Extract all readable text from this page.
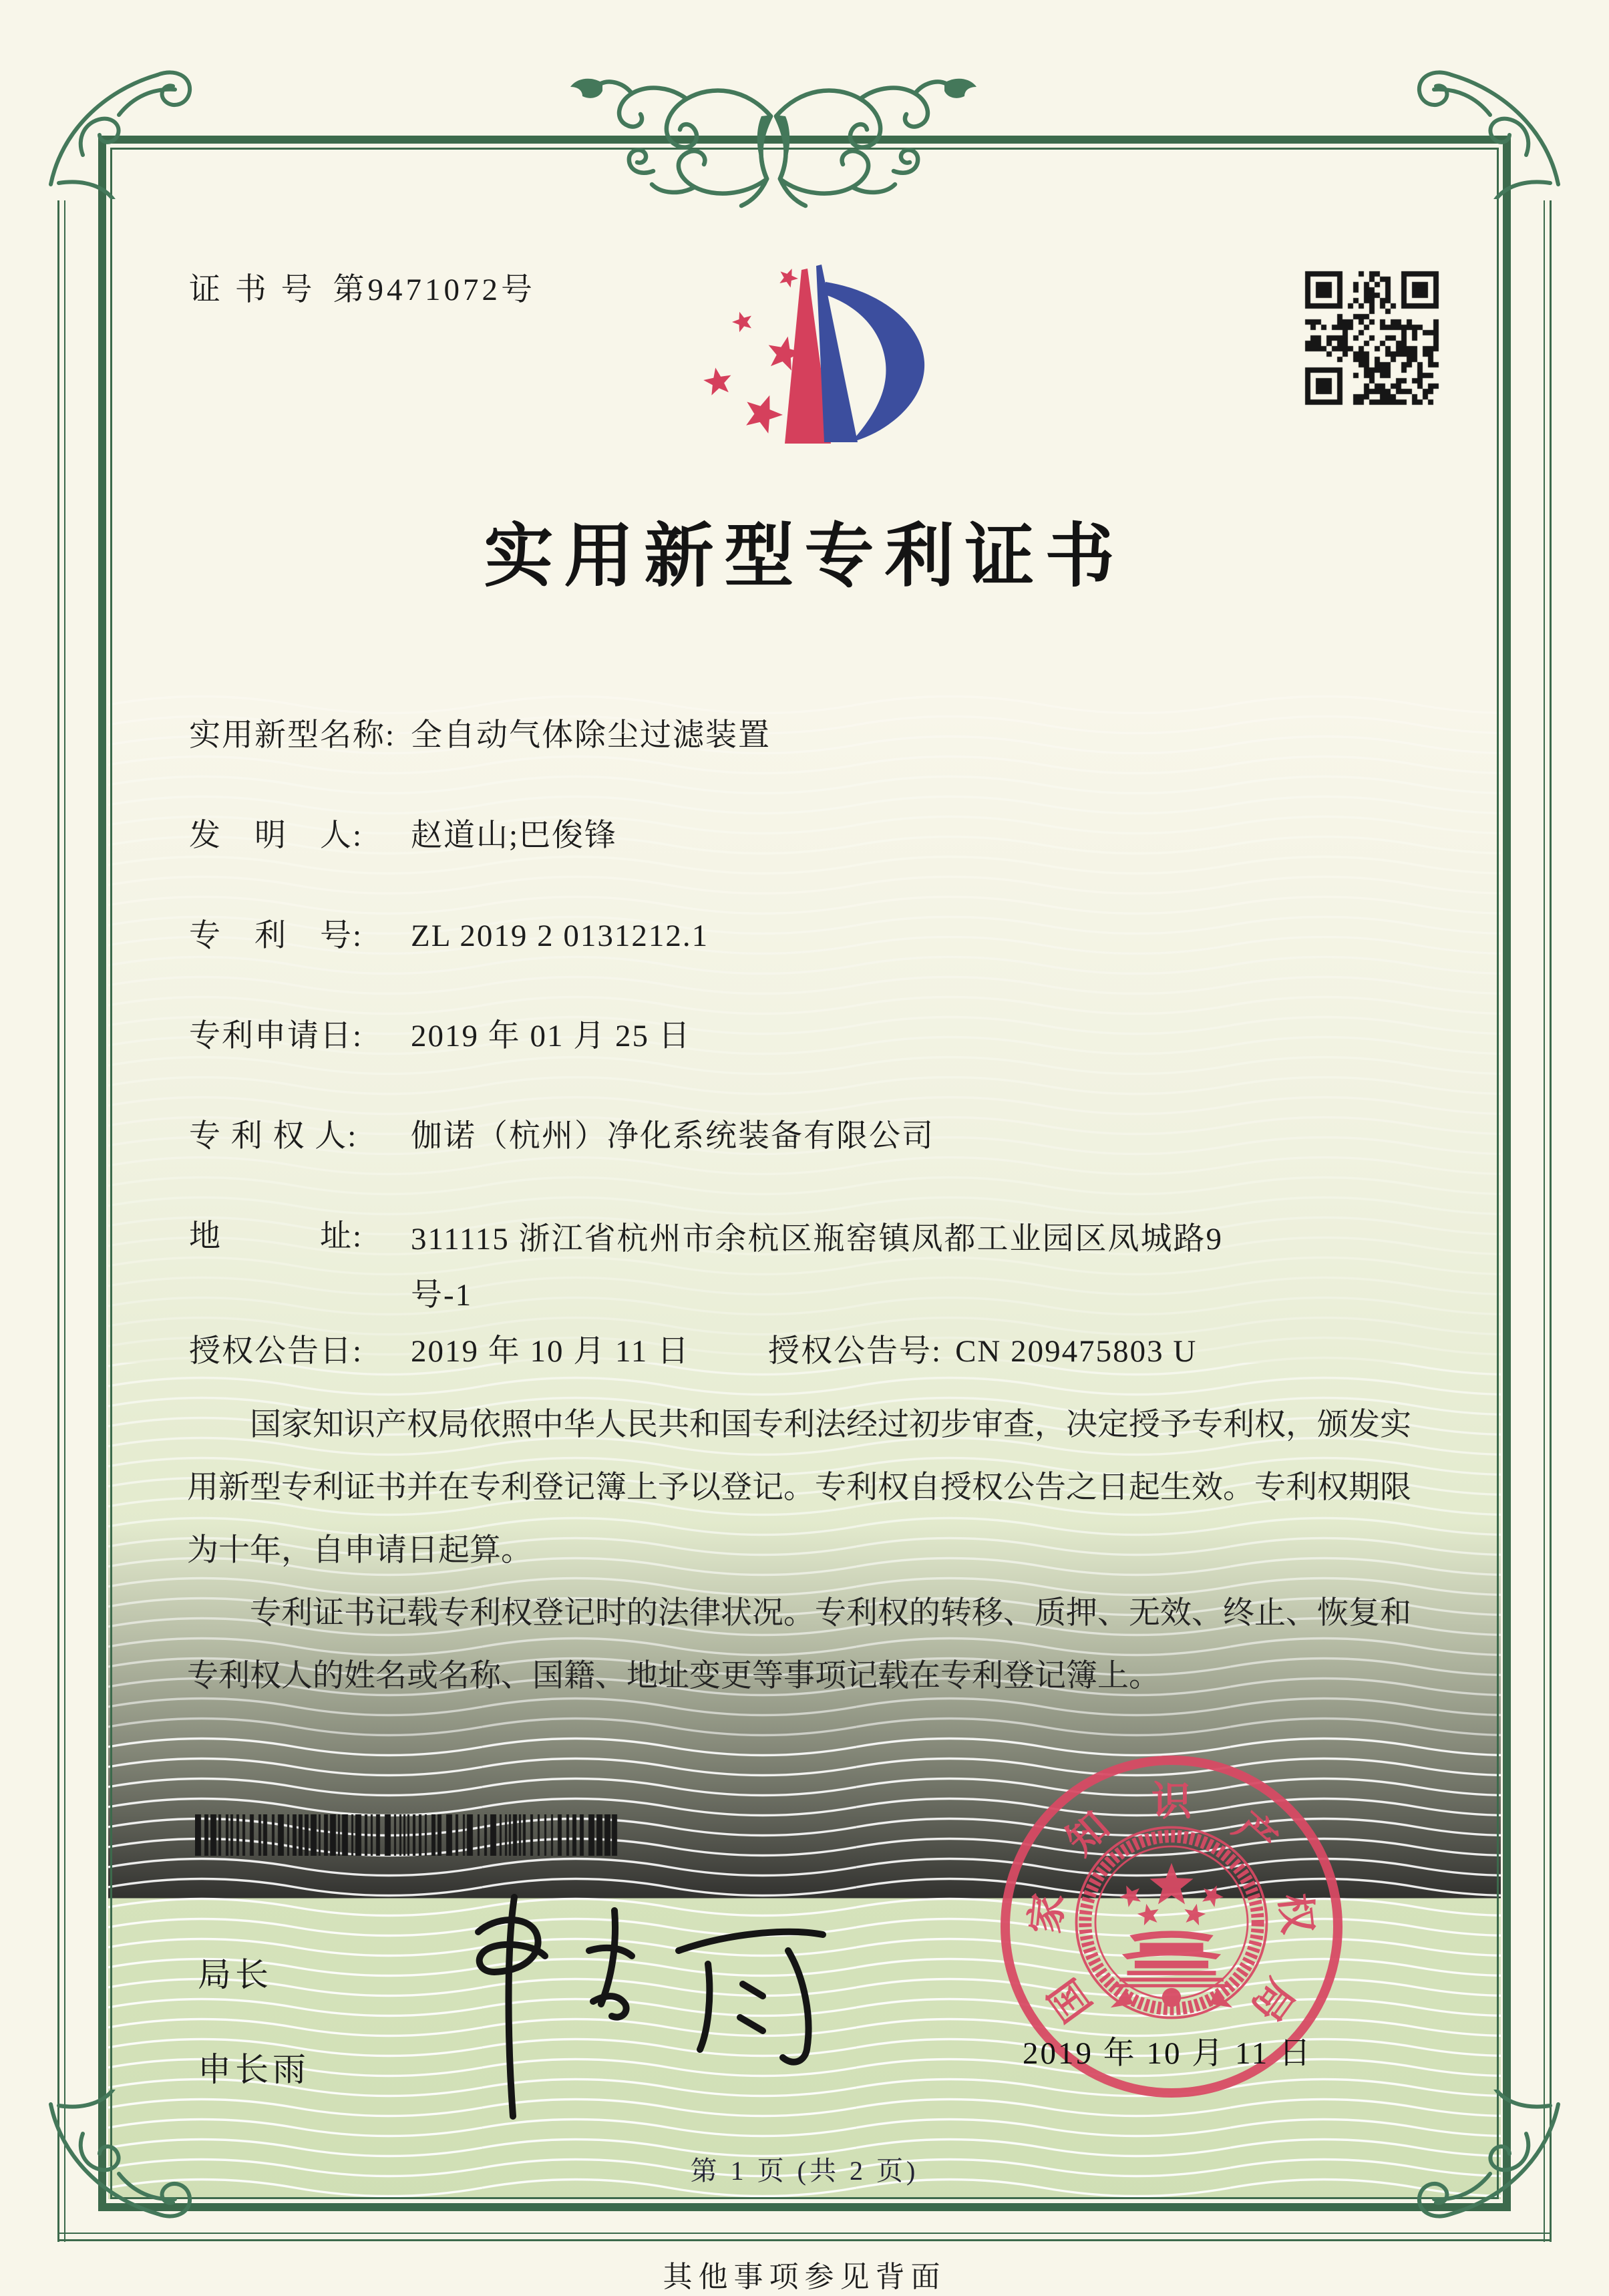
证 书 号 第9471072号
实用新型专利证书
实用新型名称: 全自动气体除尘过滤装置
发　明　人: 赵道山;巴俊锋
专　利　号: ZL 2019 2 0131212.1
专利申请日: 2019 年 01 月 25 日
专 利 权 人: 伽诺（杭州）净化系统装备有限公司
地　　　址: 311115 浙江省杭州市余杭区瓶窑镇凤都工业园区凤城路9
号-1
授权公告日: 2019 年 10 月 11 日 授权公告号: CN 209475803 U

国家知识产权局依照中华人民共和国专利法经过初步审查，决定授予专利权，颁发实用新型专利证书并在专利登记簿上予以登记。专利权自授权公告之日起生效。专利权期限为十年，自申请日起算。

专利证书记载专利权登记时的法律状况。专利权的转移、质押、无效、终止、恢复和专利权人的姓名或名称、国籍、地址变更等事项记载在专利登记簿上。

局长
申长雨
国
家
知
识
产
权
局
2019 年 10 月 11 日
第 1 页 (共 2 页)
其他事项参见背面
